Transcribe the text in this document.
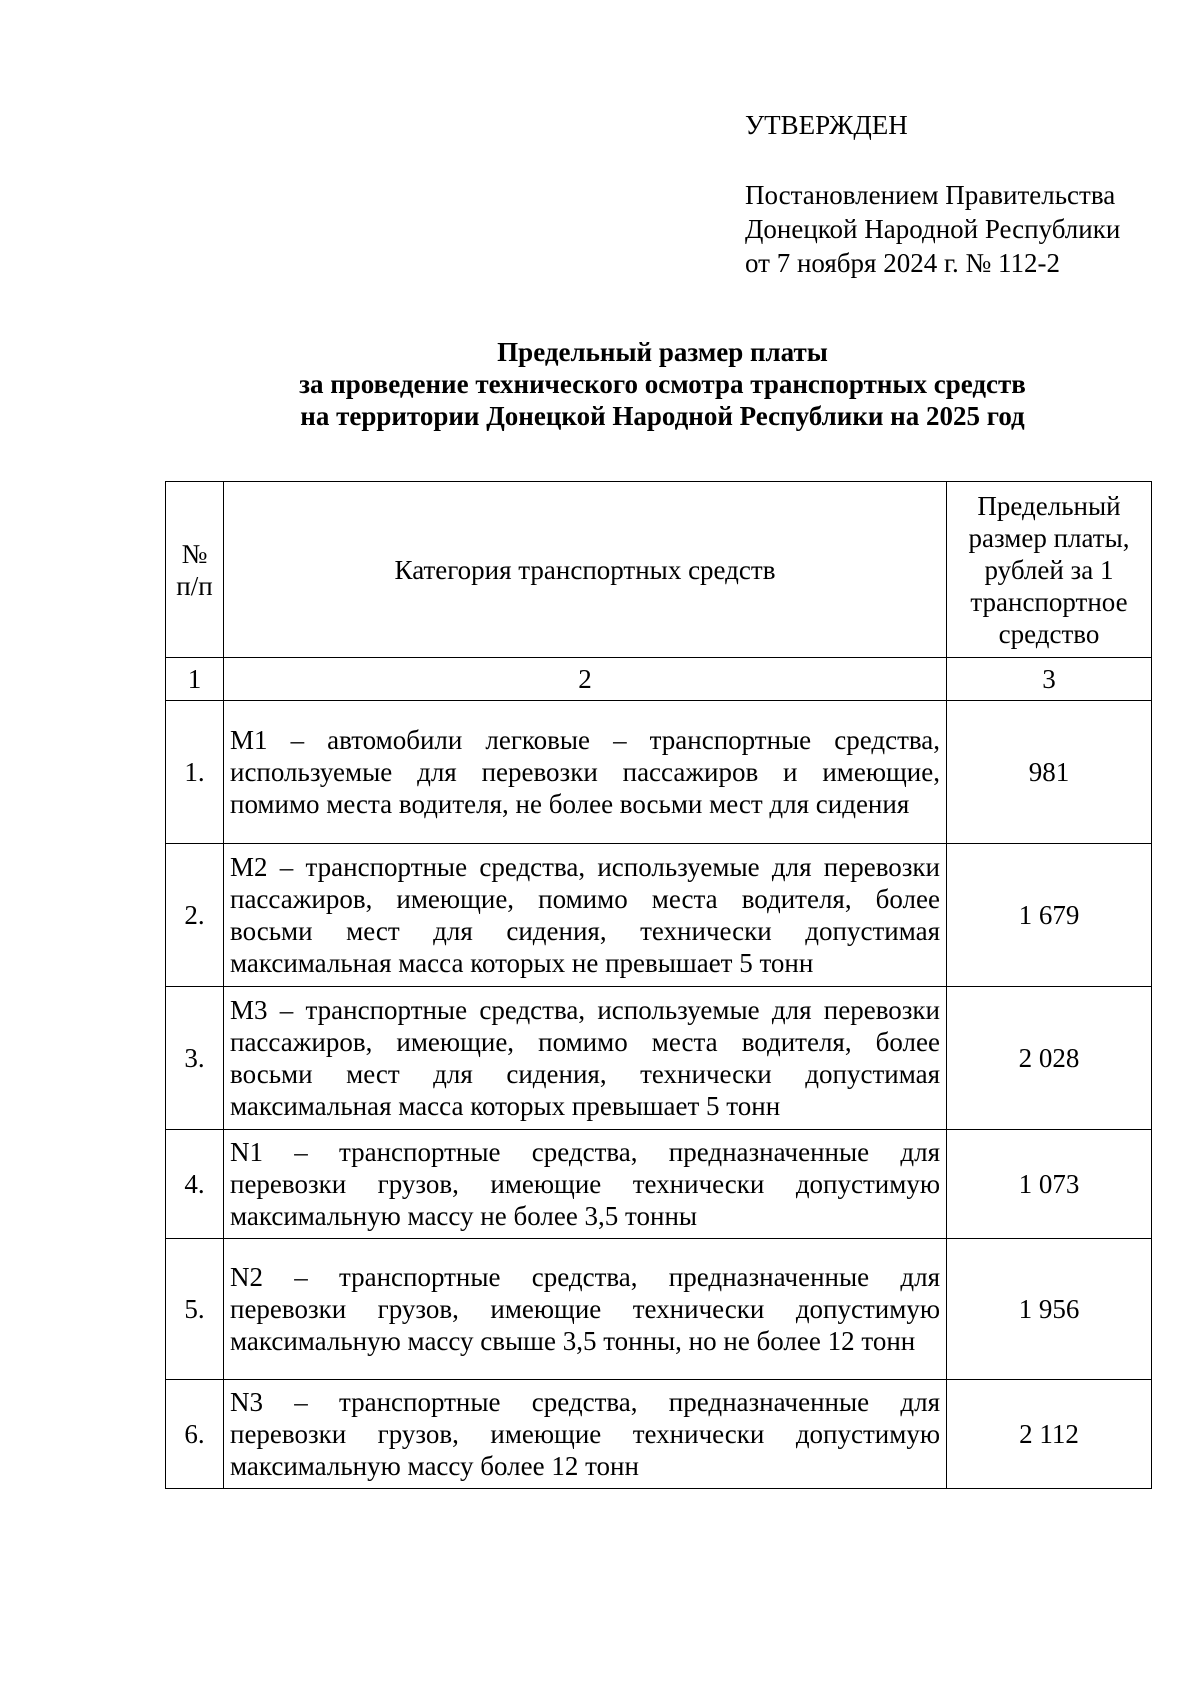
УТВЕРЖДЕН
Постановлением Правительства
Донецкой Народной Республики
от 7 ноября 2024 г. № 112-2
Предельный размер платы
за проведение технического осмотра транспортных средств
на территории Донецкой Народной Республики на 2025 год
№ п/п	Категория транспортных средств	Предельный размер платы, рублей за 1 транспортное средство
1	2	3
1.	М1 – автомобили легковые – транспортные средства, используемые для перевозки пассажиров и имеющие, помимо места водителя, не более восьми мест для сидения	981
2.	М2 – транспортные средства, используемые для перевозки пассажиров, имеющие, помимо места водителя, более восьми мест для сидения, технически допустимая максимальная масса которых не превышает 5 тонн	1 679
3.	М3 – транспортные средства, используемые для перевозки пассажиров, имеющие, помимо места водителя, более восьми мест для сидения, технически допустимая максимальная масса которых превышает 5 тонн	2 028
4.	N1 – транспортные средства, предназначенные для перевозки грузов, имеющие технически допустимую максимальную массу не более 3,5 тонны	1 073
5.	N2 – транспортные средства, предназначенные для перевозки грузов, имеющие технически допустимую максимальную массу свыше 3,5 тонны, но не более 12 тонн	1 956
6.	N3 – транспортные средства, предназначенные для перевозки грузов, имеющие технически допустимую максимальную массу более 12 тонн	2 112
